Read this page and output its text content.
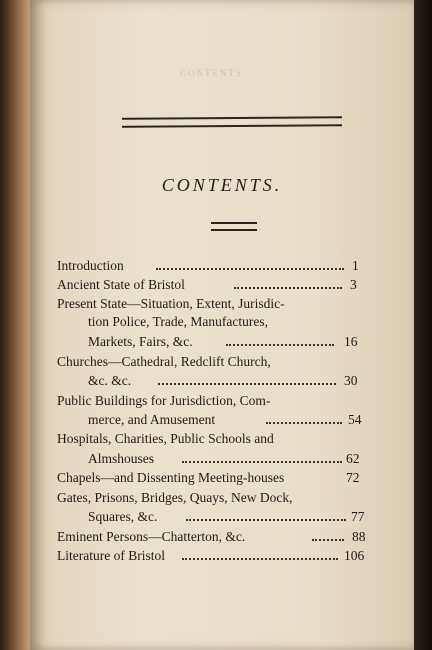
CONTENTS.
CONTENTS.
Introduction	1
Ancient State of Bristol	3
Present State—Situation, Extent, Jurisdic-
tion Police, Trade, Manufactures,
Markets, Fairs, &c.	16
Churches—Cathedral, Redclift Church,
&c. &c.	30
Public Buildings for Jurisdiction, Com-
merce, and Amusement	54
Hospitals, Charities, Public Schools and
Almshouses	62
Chapels—and Dissenting Meeting-houses	72
Gates, Prisons, Bridges, Quays, New Dock,
Squares, &c.	77
Eminent Persons—Chatterton, &c.	88
Literature of Bristol	106
